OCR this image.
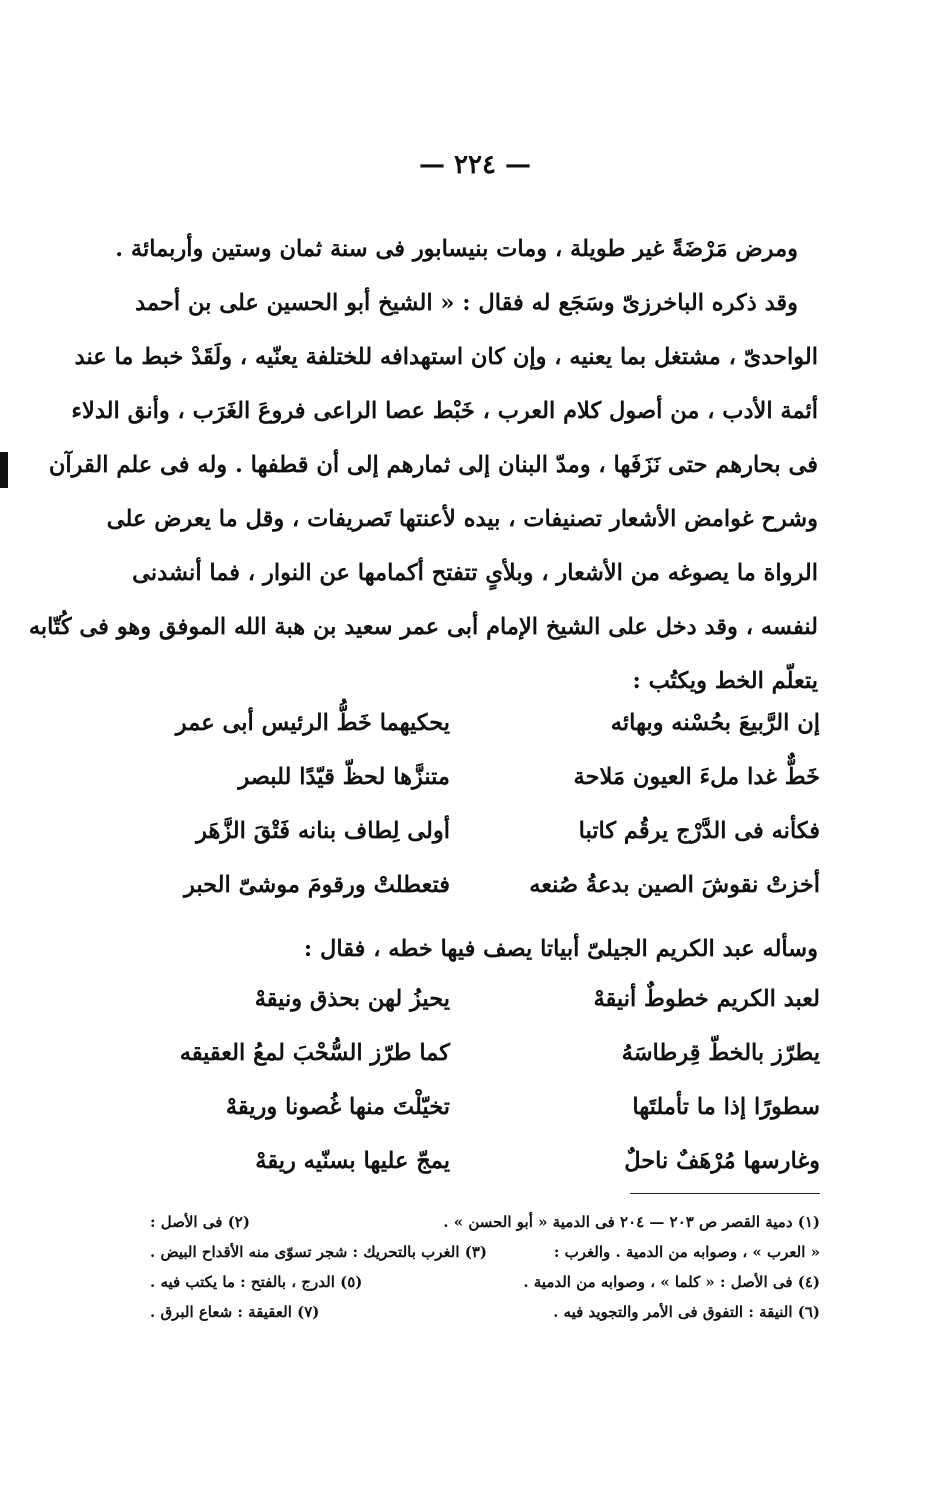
— ٢٢٤ —
ومرض مَرْضَةً غير طويلة ، ومات بنيسابور فى سنة ثمان وستين وأربمائة .
وقد ذكره الباخرزىّ وسَجَع له فقال : « الشيخ أبو الحسين على بن أحمد
الواحدىّ ، مشتغل بما يعنيه ، وإن كان استهدافه للختلفة يعنّيه ، ولَقَدْ خبط ما عند
أئمة الأدب ، من أصول كلام العرب ، خَبْط عصا الراعى فروعَ الغَرَب ، وأنق الدلاء
فى بحارهم حتى نَزَفَها ، ومدّ البنان إلى ثمارهم إلى أن قطفها . وله فى علم القرآن
وشرح غوامض الأشعار تصنيفات ، بيده لأعنتها تَصريفات ، وقل ما يعرض على
الرواة ما يصوغه من الأشعار ، وبلأىٍ تتفتح أكمامها عن النوار ، فما أنشدنى
لنفسه ، وقد دخل على الشيخ الإمام أبى عمر سعيد بن هبة الله الموفق وهو فى كُتّابه
يتعلّم الخط ويكتُب :
إن الرَّبيعَ بحُسْنه وبهائه
يحكيهما خَطُّ الرئيس أبى عمر
خَطٌّ غدا ملءَ العيون مَلاحة
متنزَّها لحظّ قيّدًا للبصر
فكأنه فى الدَّرْج يرقُم كاتبا
أولى لِطاف بنانه فَتْقَ الزَّهَر
أخزتْ نقوشَ الصين بدعةُ صُنعه
فتعطلتْ ورقومَ موشىّ الحبر
وسأله عبد الكريم الجيلىّ أبياتا يصف فيها خطه ، فقال :
لعبد الكريم خطوطٌ أنيقهْ
يحيزُ لهن بحذق ونيقهْ
يطرّز بالخطّ قِرطاسَهُ
كما طرّز السُّحْبَ لمعُ العقيقه
سطورًا إذا ما تأملتَها
تخيّلْتَ منها غُصونا وريقهْ
وغارسها مُرْهَفٌ ناحلٌ
يمجّ عليها بسنّيه ريقهْ
(١) دمية القصر ص ٢٠٣ — ٢٠٤ فى الدمية « أبو الحسن » .
(٢) فى الأصل :
« العرب » ، وصوابه من الدمية . والغرب :
(٣) الغرب بالتحريك : شجر تسوّى منه الأقداح البيض .
(٤) فى الأصل : « كلما » ، وصوابه من الدمية .
(٥) الدرج ، بالفتح : ما يكتب فيه .
(٦) النيقة : التفوق فى الأمر والتجويد فيه .
(٧) العقيقة : شعاع البرق .
